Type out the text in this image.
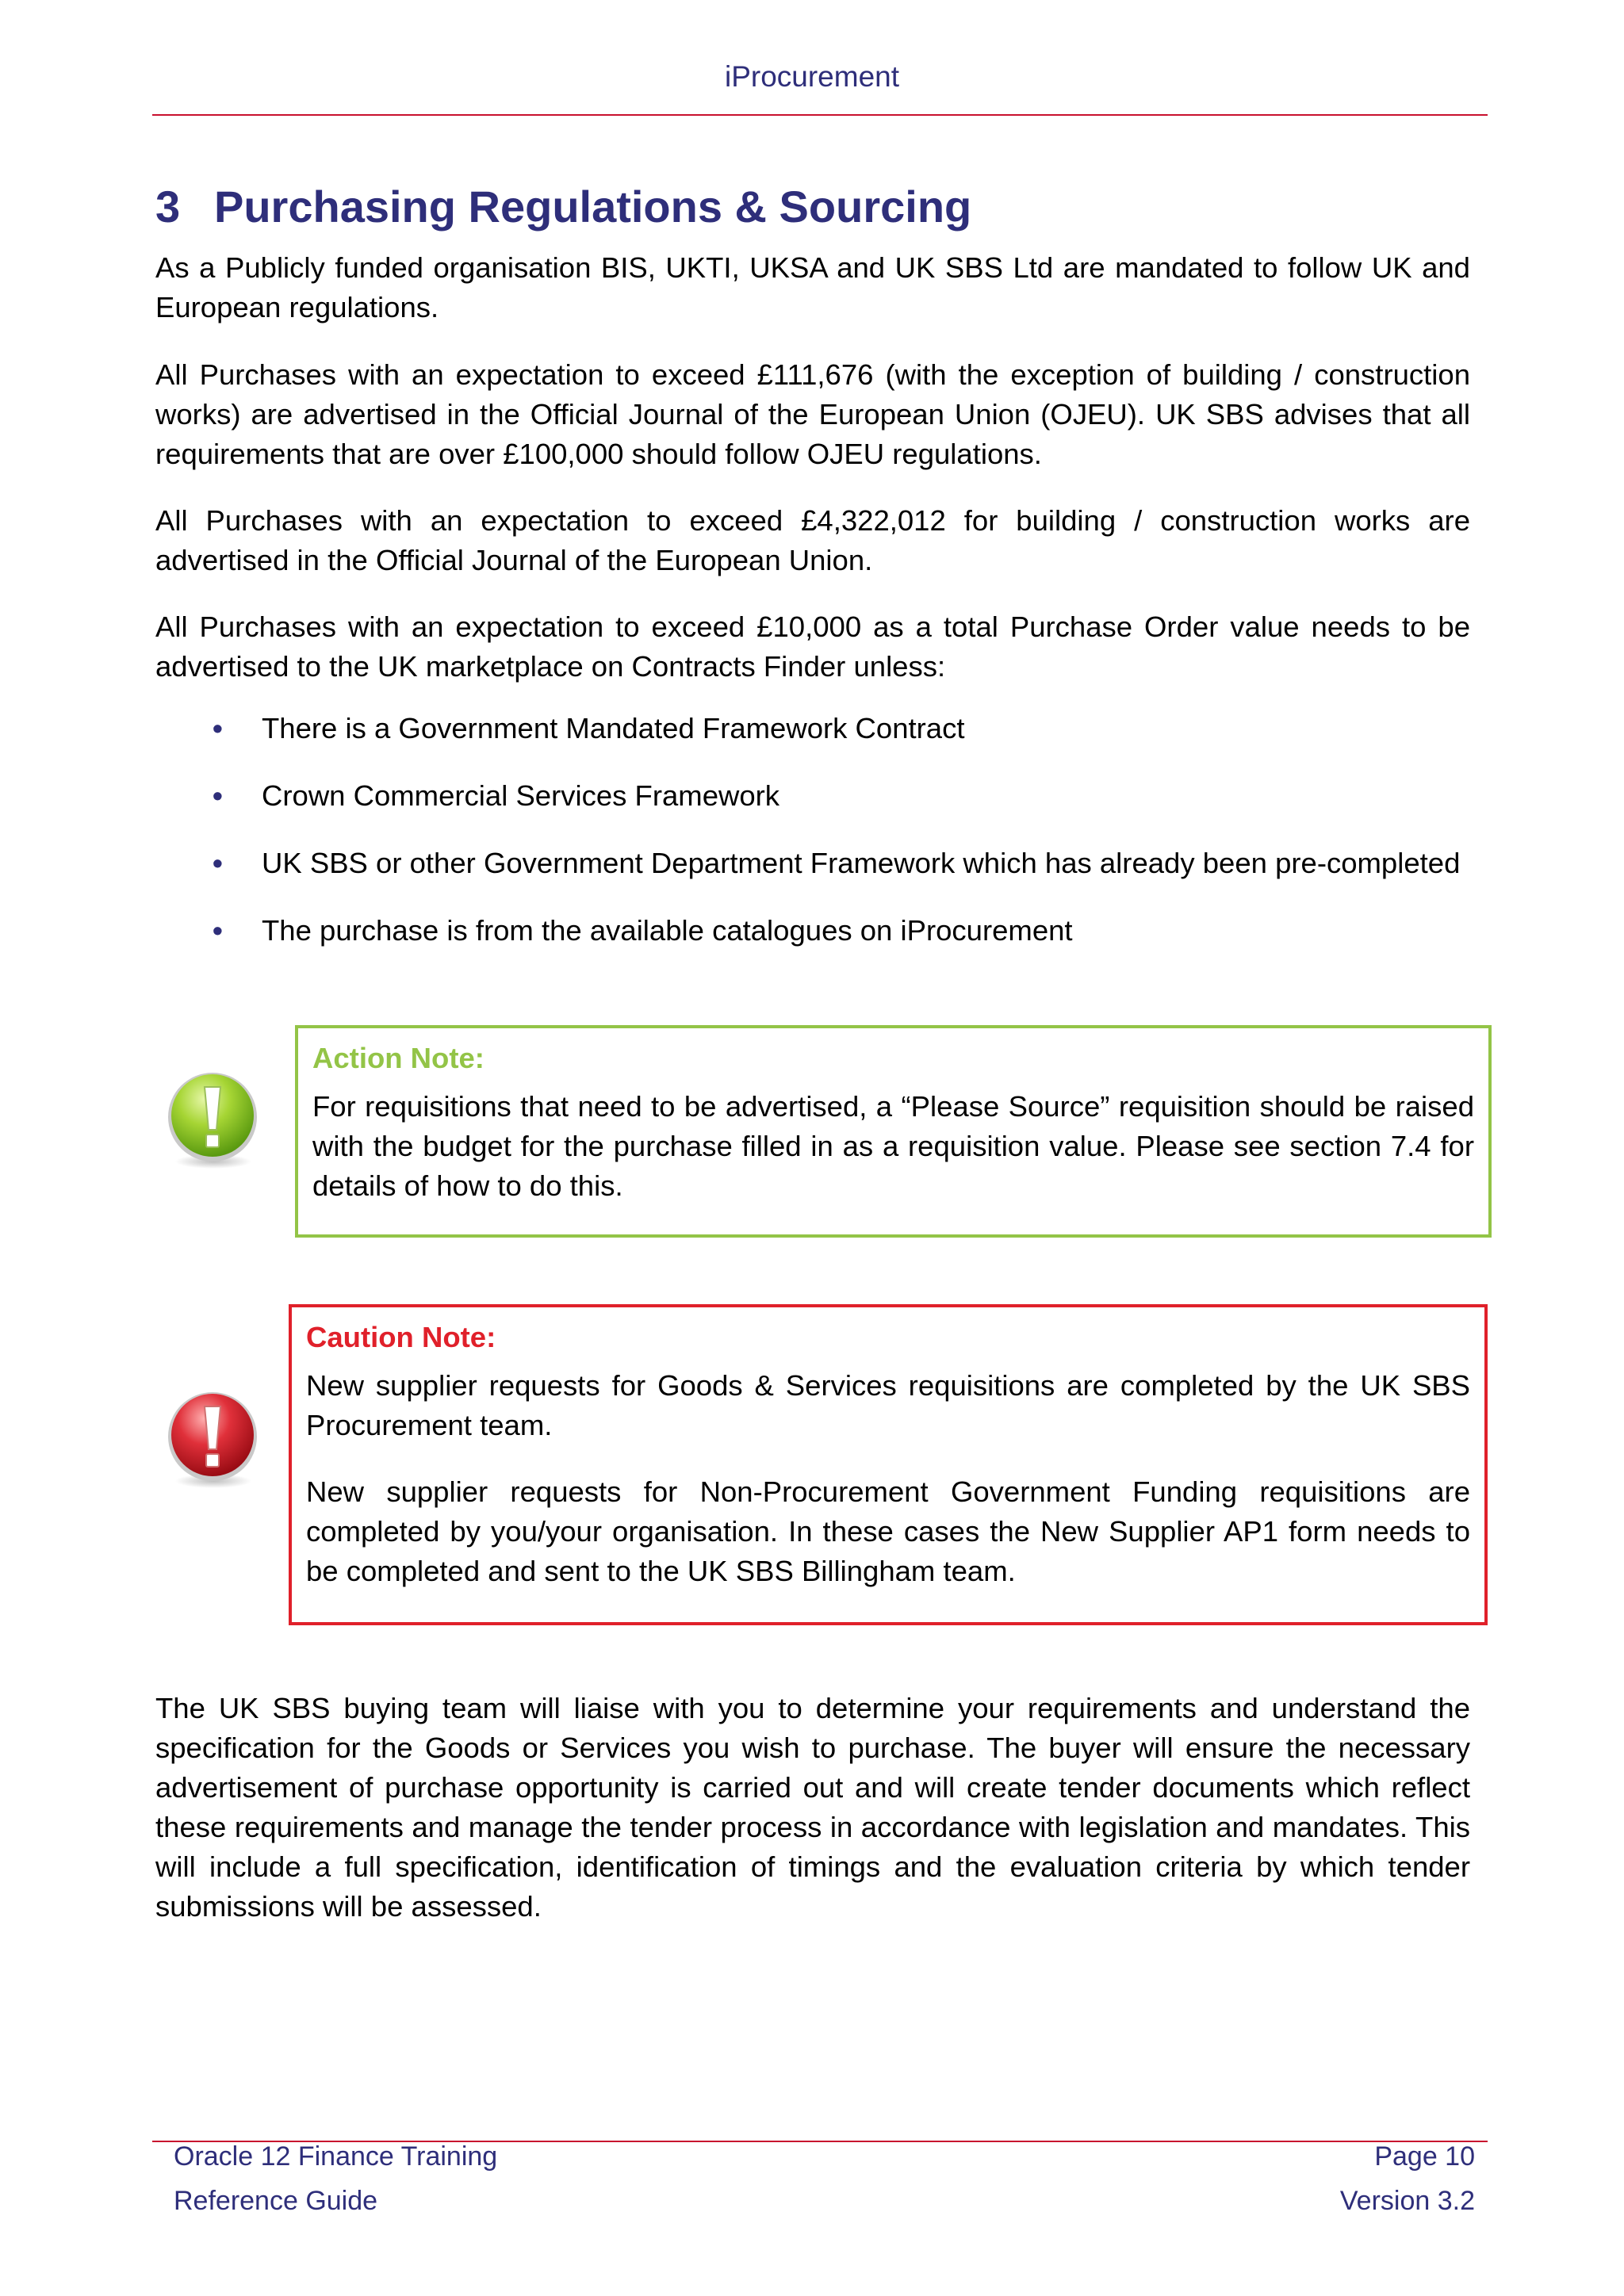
iProcurement
3 Purchasing Regulations & Sourcing

As a Publicly funded organisation BIS, UKTI, UKSA and UK SBS Ltd are mandated to follow UK and European regulations.

All Purchases with an expectation to exceed £111,676 (with the exception of building / construction works) are advertised in the Official Journal of the European Union (OJEU). UK SBS advises that all requirements that are over £100,000 should follow OJEU regulations.

All Purchases with an expectation to exceed £4,322,012 for building / construction works are advertised in the Official Journal of the European Union.

All Purchases with an expectation to exceed £10,000 as a total Purchase Order value needs to be advertised to the UK marketplace on Contracts Finder unless:

• There is a Government Mandated Framework Contract
• Crown Commercial Services Framework
• UK SBS or other Government Department Framework which has already been pre-completed
• The purchase is from the available catalogues on iProcurement
Action Note:

For requisitions that need to be advertised, a “Please Source” requisition should be raised with the budget for the purchase filled in as a requisition value. Please see section 7.4 for details of how to do this.

Caution Note:

New supplier requests for Goods & Services requisitions are completed by the UK SBS Procurement team.

New supplier requests for Non-Procurement Government Funding requisitions are completed by you/your organisation. In these cases the New Supplier AP1 form needs to be completed and sent to the UK SBS Billingham team.

The UK SBS buying team will liaise with you to determine your requirements and understand the specification for the Goods or Services you wish to purchase. The buyer will ensure the necessary advertisement of purchase opportunity is carried out and will create tender documents which reflect these requirements and manage the tender process in accordance with legislation and mandates. This will include a full specification, identification of timings and the evaluation criteria by which tender submissions will be assessed.

Oracle 12 Finance Training
Reference Guide
Page 10
Version 3.2
